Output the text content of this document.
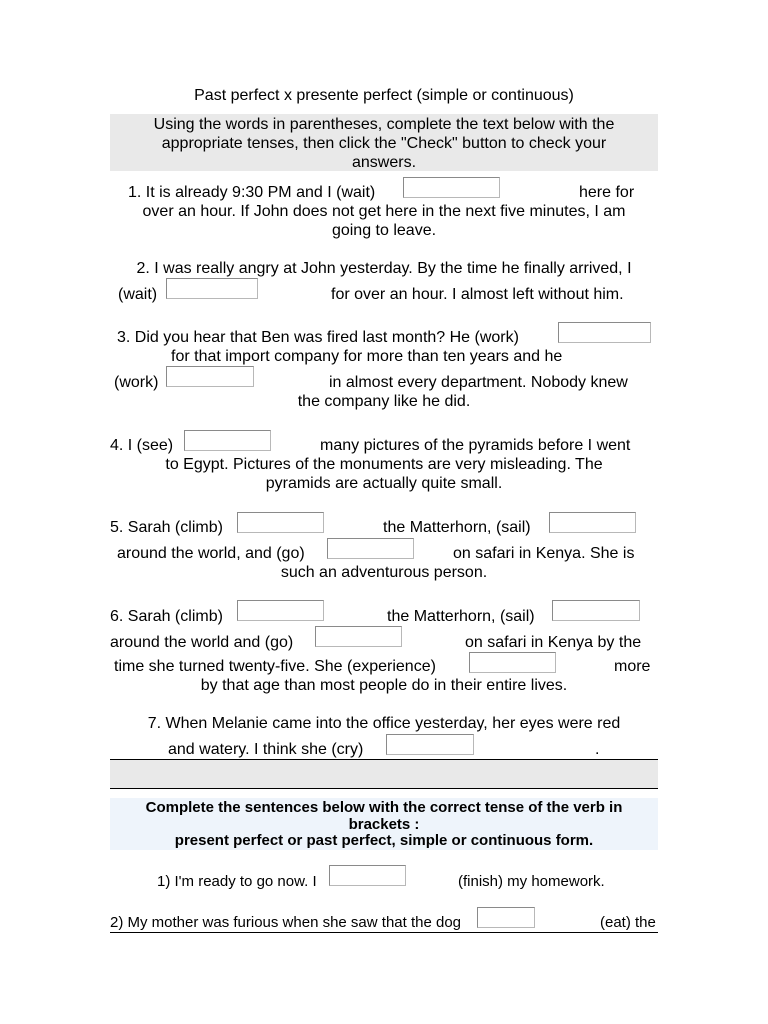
Past perfect x presente perfect (simple or continuous)
Using the words in parentheses, complete the text below with the
appropriate tenses, then click the "Check" button to check your
answers.
1. It is already 9:30 PM and I (wait)	here for
over an hour. If John does not get here in the next five minutes, I am
going to leave.
2. I was really angry at John yesterday. By the time he finally arrived, I
(wait)	for over an hour. I almost left without him.
3. Did you hear that Ben was fired last month? He (work)
for that import company for more than ten years and he
(work)	in almost every department. Nobody knew
the company like he did.
4. I (see)	many pictures of the pyramids before I went
to Egypt. Pictures of the monuments are very misleading. The
pyramids are actually quite small.
5. Sarah (climb)	the Matterhorn, (sail)
around the world, and (go)	on safari in Kenya. She is
such an adventurous person.
6. Sarah (climb)	the Matterhorn, (sail)
around the world and (go)	on safari in Kenya by the
time she turned twenty-five. She (experience)	more
by that age than most people do in their entire lives.
7. When Melanie came into the office yesterday, her eyes were red
and watery. I think she (cry)	.
Complete the sentences below with the correct tense of the verb in
brackets :
present perfect or past perfect, simple or continuous form.
1) I'm ready to go now. I	(finish) my homework.
2) My mother was furious when she saw that the dog	(eat) the
